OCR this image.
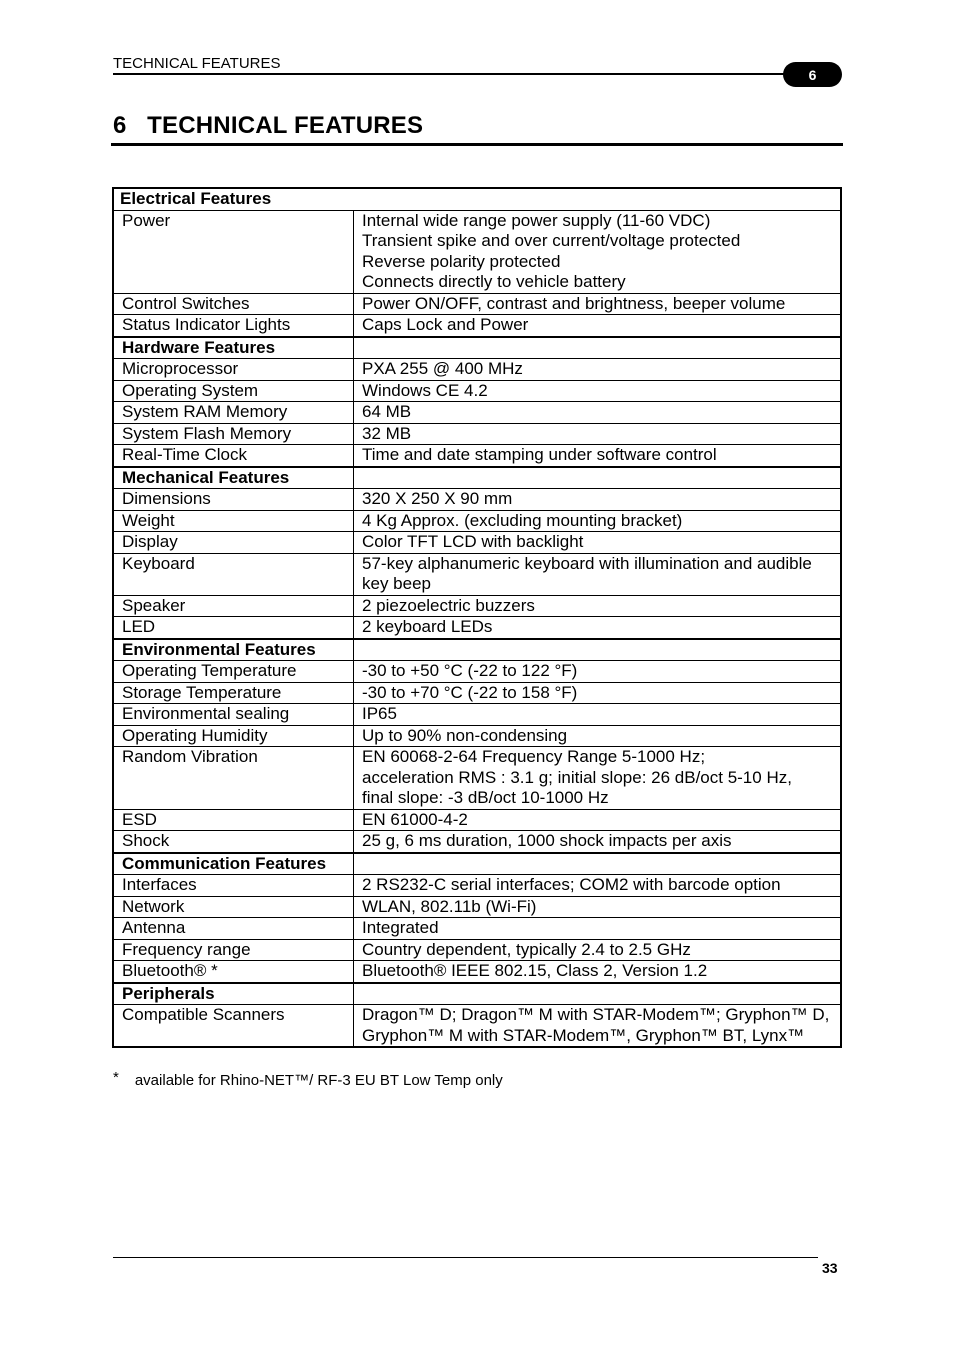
TECHNICAL FEATURES
6
6 TECHNICAL FEATURES
Electrical Features	
Power	Internal wide range power supply (11-60 VDC)
Transient spike and over current/voltage protected
Reverse polarity protected
Connects directly to vehicle battery

Control Switches	Power ON/OFF, contrast and brightness, beeper volume

Status Indicator Lights	Caps Lock and Power

Hardware Features	
Microprocessor	PXA 255 @ 400 MHz

Operating System	Windows CE 4.2

System RAM Memory	64 MB

System Flash Memory	32 MB

Real-Time Clock	Time and date stamping under software control

Mechanical Features	
Dimensions	320 X 250 X 90 mm

Weight	4 Kg Approx. (excluding mounting bracket)

Display	Color TFT LCD with backlight

Keyboard	57-key alphanumeric keyboard with illumination and audible
key beep

Speaker	2 piezoelectric buzzers

LED	2 keyboard LEDs

Environmental Features	
Operating Temperature	-30 to +50 °C (-22 to 122 °F)

Storage Temperature	-30 to +70 °C (-22 to 158 °F)

Environmental sealing	IP65

Operating Humidity	Up to 90% non-condensing

Random Vibration	EN 60068-2-64 Frequency Range 5-1000 Hz;
acceleration RMS : 3.1 g; initial slope: 26 dB/oct 5-10 Hz,
final slope: -3 dB/oct 10-1000 Hz

ESD	EN 61000-4-2

Shock	25 g, 6 ms duration, 1000 shock impacts per axis

Communication Features	
Interfaces	2 RS232-C serial interfaces; COM2 with barcode option

Network	WLAN, 802.11b (Wi-Fi)

Antenna	Integrated

Frequency range	Country dependent, typically 2.4 to 2.5 GHz

Bluetooth® *	Bluetooth® IEEE 802.15, Class 2, Version 1.2

Peripherals	
Compatible Scanners	Dragon™ D; Dragon™ M with STAR-Modem™; Gryphon™ D,
Gryphon™ M with STAR-Modem™, Gryphon™ BT, Lynx™
* available for Rhino-NET™/ RF-3 EU BT Low Temp only
33
